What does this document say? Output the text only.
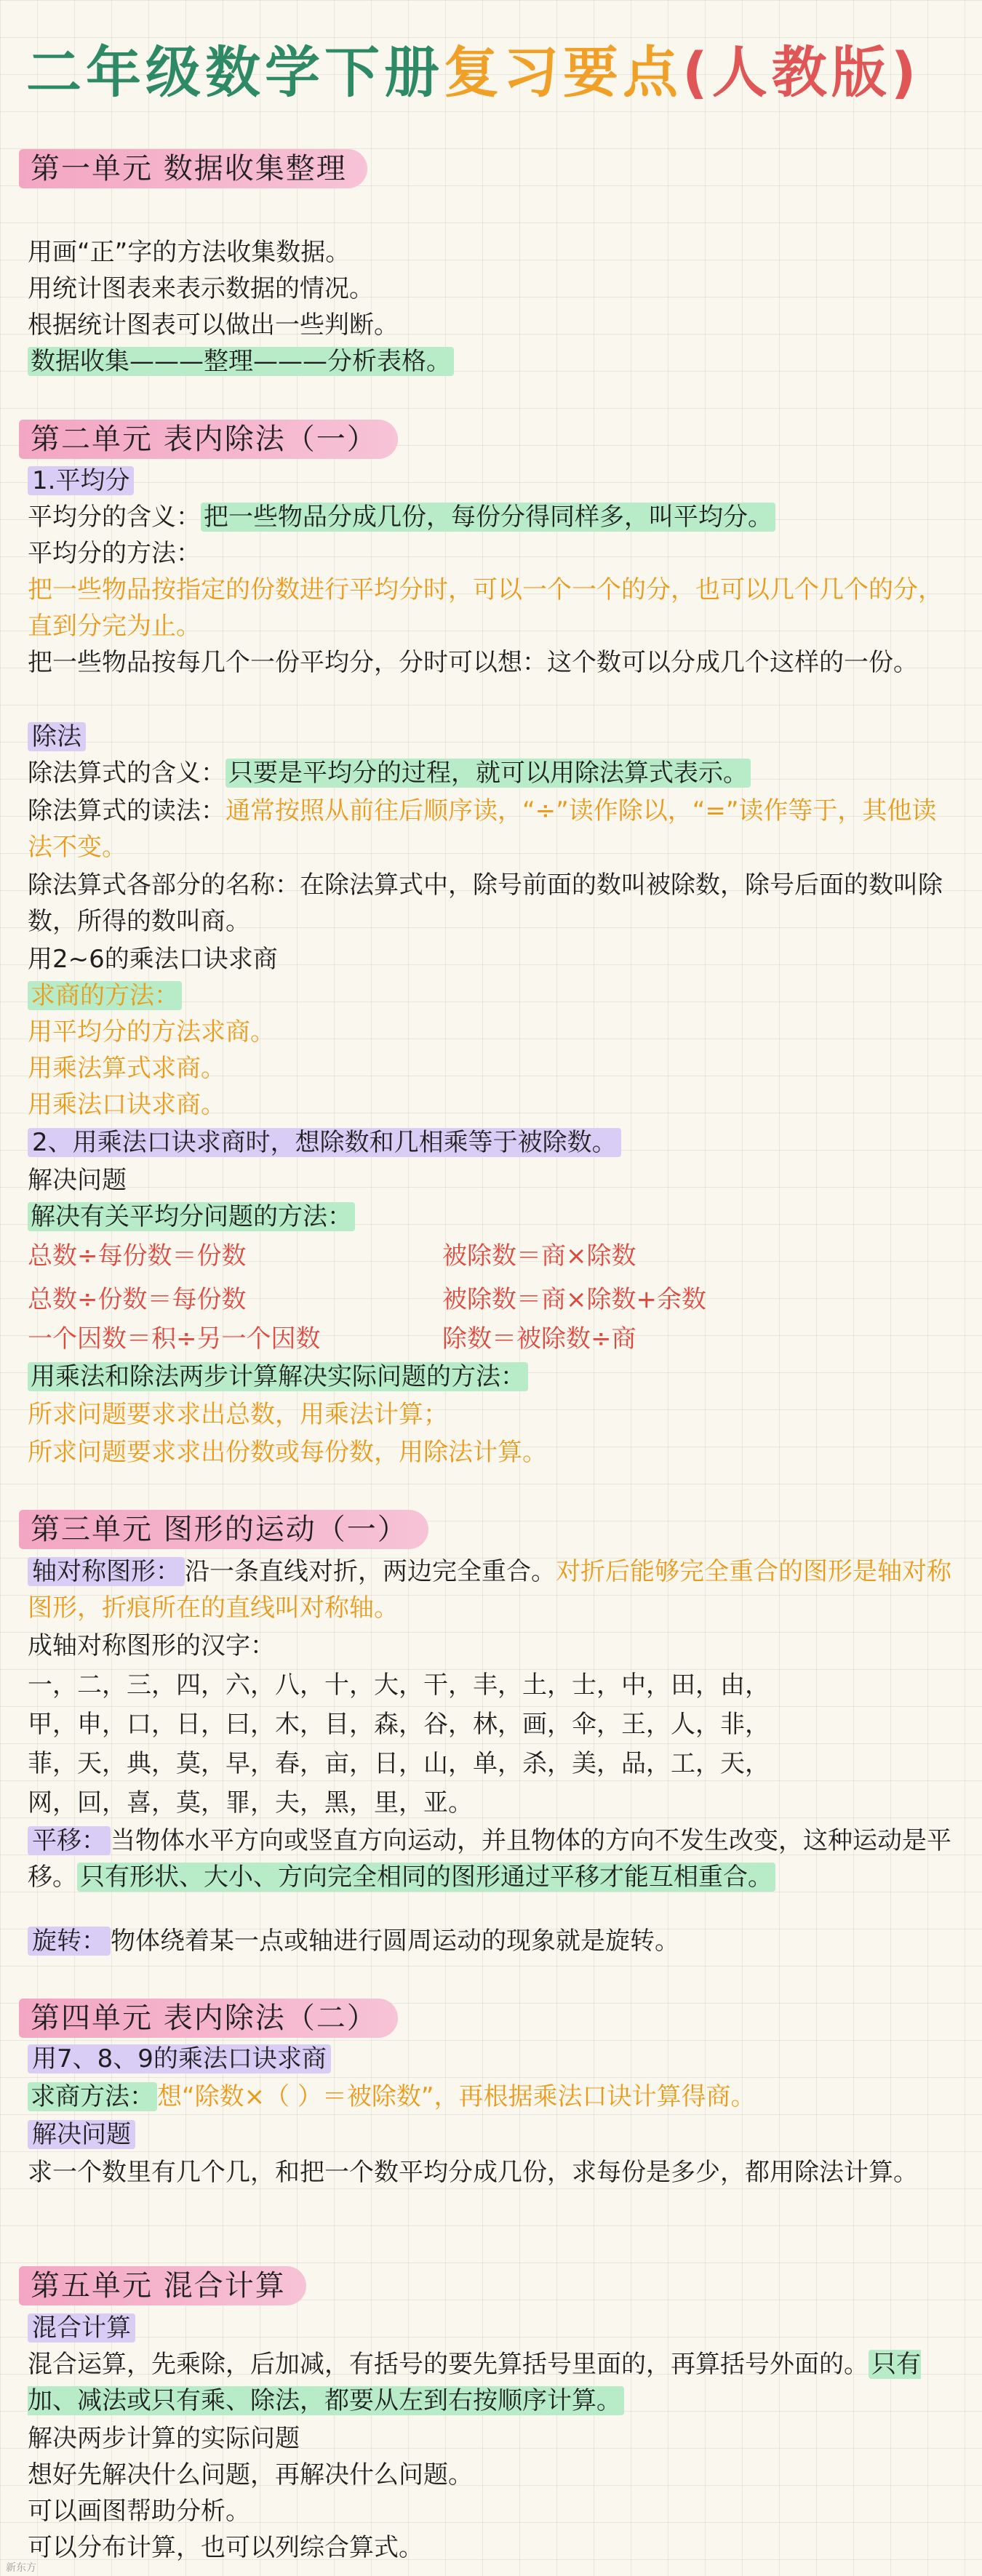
二年级数学下册复习要点(人教版)
第一单元 数据收集整理
用画“正”字的方法收集数据。
用统计图表来表示数据的情况。
根据统计图表可以做出一些判断。
数据收集———整理———分析表格。
第二单元 表内除法（一）
1.平均分
平均分的含义： 把一些物品分成几份，每份分得同样多，叫平均分。
平均分的方法：
把一些物品按指定的份数进行平均分时，可以一个一个的分，也可以几个几个的分，直到分完为止。
把一些物品按每几个一份平均分，分时可以想：这个数可以分成几个这样的一份。
除法
除法算式的含义： 只要是平均分的过程，就可以用除法算式表示。
除法算式的读法：通常按照从前往后顺序读，“÷”读作除以，“=”读作等于，其他读法不变。
除法算式各部分的名称：在除法算式中，除号前面的数叫被除数，除号后面的数叫除数，所得的数叫商。
用2~6的乘法口诀求商
求商的方法：
用平均分的方法求商。
用乘法算式求商。
用乘法口诀求商。
2、用乘法口诀求商时，想除数和几相乘等于被除数。
解决问题
解决有关平均分问题的方法：
总数÷每份数＝份数	被除数＝商×除数
总数÷份数＝每份数	被除数＝商×除数+余数
一个因数＝积÷另一个因数	除数＝被除数÷商
用乘法和除法两步计算解决实际问题的方法：
所求问题要求求出总数，用乘法计算；
所求问题要求求出份数或每份数，用除法计算。
第三单元 图形的运动（一）
轴对称图形： 沿一条直线对折，两边完全重合。对折后能够完全重合的图形是轴对称图形，折痕所在的直线叫对称轴。
成轴对称图形的汉字：
一，二，三，四，六，八，十，大，干，丰，土，士，中，田，由，
甲，申，口，日，曰，木，目，森，谷，林，画，伞，王，人，非，
菲，天，典，莫，早，春，亩，日，山，单，杀，美，品，工，天，
网，回，喜，莫，罪，夫，黑，里，亚。
平移： 当物体水平方向或竖直方向运动，并且物体的方向不发生改变，这种运动是平移。 只有形状、大小、方向完全相同的图形通过平移才能互相重合。
旋转： 物体绕着某一点或轴进行圆周运动的现象就是旋转。
第四单元 表内除法（二）
用7、8、9的乘法口诀求商
求商方法： 想“除数×（ ）＝被除数”，再根据乘法口诀计算得商。
解决问题
求一个数里有几个几，和把一个数平均分成几份，求每份是多少，都用除法计算。
第五单元 混合计算
混合计算
混合运算，先乘除，后加减，有括号的要先算括号里面的，再算括号外面的。 只有加、减法或只有乘、除法，都要从左到右按顺序计算。
解决两步计算的实际问题
想好先解决什么问题，再解决什么问题。
可以画图帮助分析。
可以分布计算，也可以列综合算式。
新东方
